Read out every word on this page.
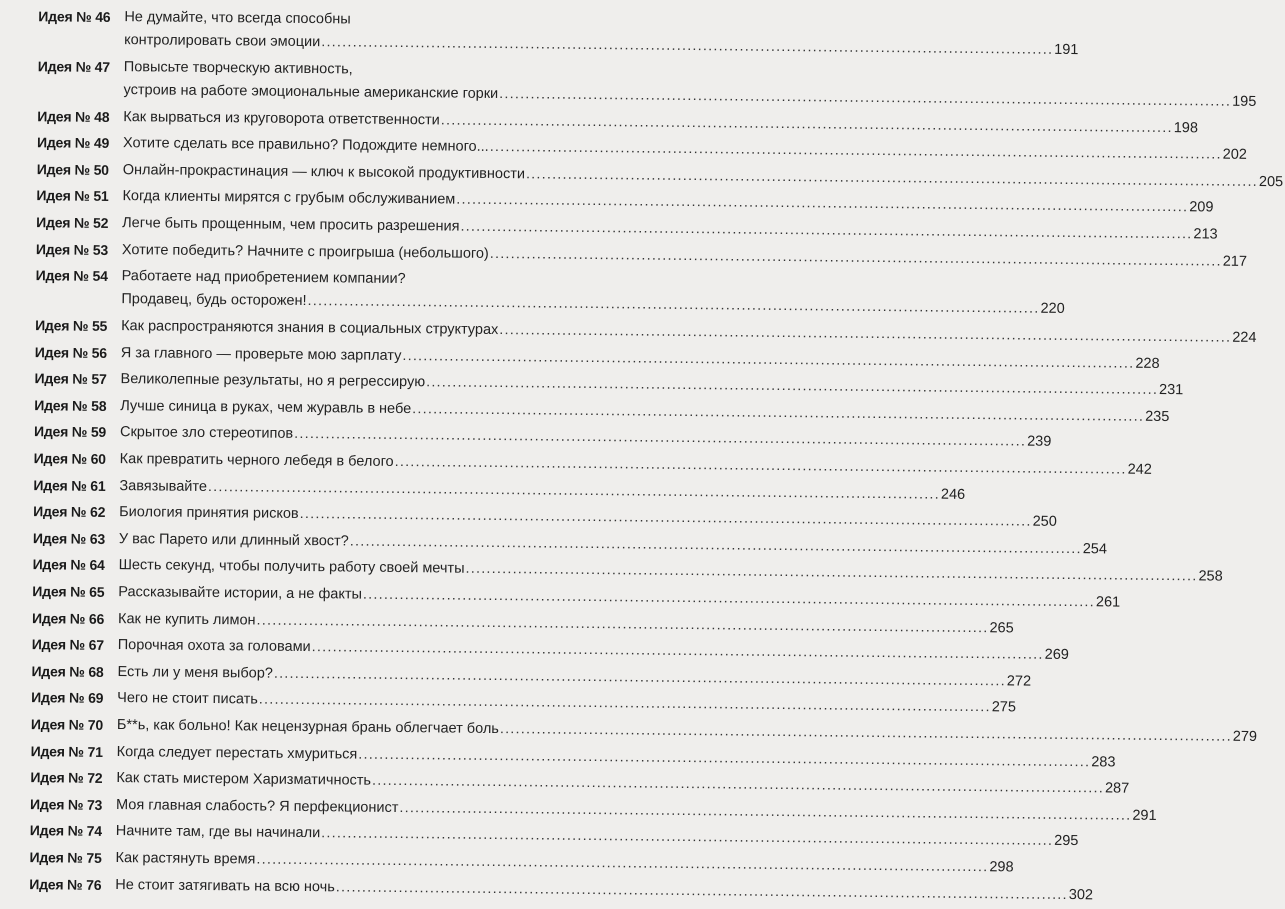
Идея № 46 Не думайте, что всегда способны
контролировать свои эмоции .....	191
Идея № 47 Повысьте творческую активность,
устроив на работе эмоциональные американские горки .....	195
Идея № 48 Как вырваться из круговорота ответственности .....	198
Идея № 49 Хотите сделать все правильно? Подождите немного... .....	202
Идея № 50 Онлайн-прокрастинация — ключ к высокой продуктивности .....	205
Идея № 51 Когда клиенты мирятся с грубым обслуживанием .....	209
Идея № 52 Легче быть прощенным, чем просить разрешения .....	213
Идея № 53 Хотите победить? Начните с проигрыша (небольшого) .....	217
Идея № 54 Работаете над приобретением компании?
Продавец, будь осторожен! .....	220
Идея № 55 Как распространяются знания в социальных структурах .....	224
Идея № 56 Я за главного — проверьте мою зарплату .....	228
Идея № 57 Великолепные результаты, но я регрессирую .....	231
Идея № 58 Лучше синица в руках, чем журавль в небе .....	235
Идея № 59 Скрытое зло стереотипов .....	239
Идея № 60 Как превратить черного лебедя в белого .....	242
Идея № 61 Завязывайте .....	246
Идея № 62 Биология принятия рисков .....	250
Идея № 63 У вас Парето или длинный хвост? .....	254
Идея № 64 Шесть секунд, чтобы получить работу своей мечты .....	258
Идея № 65 Рассказывайте истории, а не факты .....	261
Идея № 66 Как не купить лимон .....	265
Идея № 67 Порочная охота за головами .....	269
Идея № 68 Есть ли у меня выбор? .....	272
Идея № 69 Чего не стоит писать .....	275
Идея № 70 Б**ь, как больно! Как нецензурная брань облегчает боль .....	279
Идея № 71 Когда следует перестать хмуриться .....	283
Идея № 72 Как стать мистером Харизматичность .....	287
Идея № 73 Моя главная слабость? Я перфекционист .....	291
Идея № 74 Начните там, где вы начинали .....	295
Идея № 75 Как растянуть время .....	298
Идея № 76 Не стоит затягивать на всю ночь .....	302
